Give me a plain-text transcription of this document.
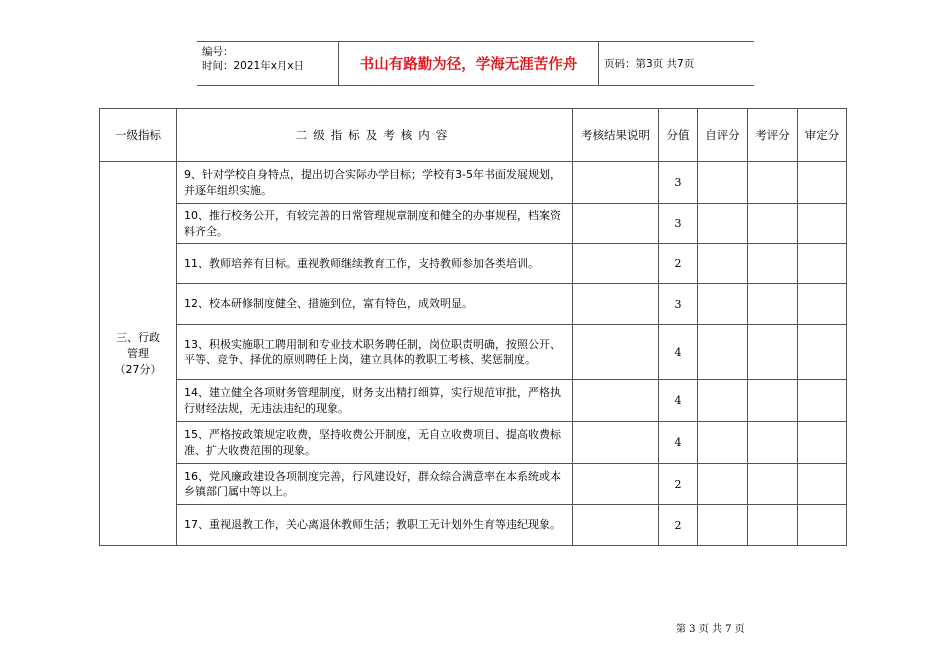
编号：
时间：2021年x月x日	书山有路勤为径，学海无涯苦作舟	页码：第3页 共7页
一级指标	二级指标及考核内容	考核结果说明	分值	自评分	考评分	审定分

三、行政管理
（27分）	9、针对学校自身特点，提出切合实际办学目标；学校有3-5年书面发展规划，并逐年组织实施。		3			
	10、推行校务公开，有较完善的日常管理规章制度和健全的办事规程，档案资料齐全。		3			
	11、教师培养有目标。重视教师继续教育工作，支持教师参加各类培训。		2			
	12、校本研修制度健全、措施到位，富有特色，成效明显。		3			
	13、积极实施职工聘用制和专业技术职务聘任制，岗位职责明确，按照公开、平等、竞争、择优的原则聘任上岗，建立具体的教职工考核、奖惩制度。		4			
	14、建立健全各项财务管理制度，财务支出精打细算，实行规范审批，严格执行财经法规，无违法违纪的现象。		4			
	15、严格按政策规定收费，坚持收费公开制度，无自立收费项目、提高收费标准、扩大收费范围的现象。		4			
	16、党风廉政建设各项制度完善，行风建设好，群众综合满意率在本系统或本乡镇部门属中等以上。		2			
	17、重视退教工作，关心离退休教师生活；教职工无计划外生育等违纪现象。		2			
第 3 页 共 7 页
